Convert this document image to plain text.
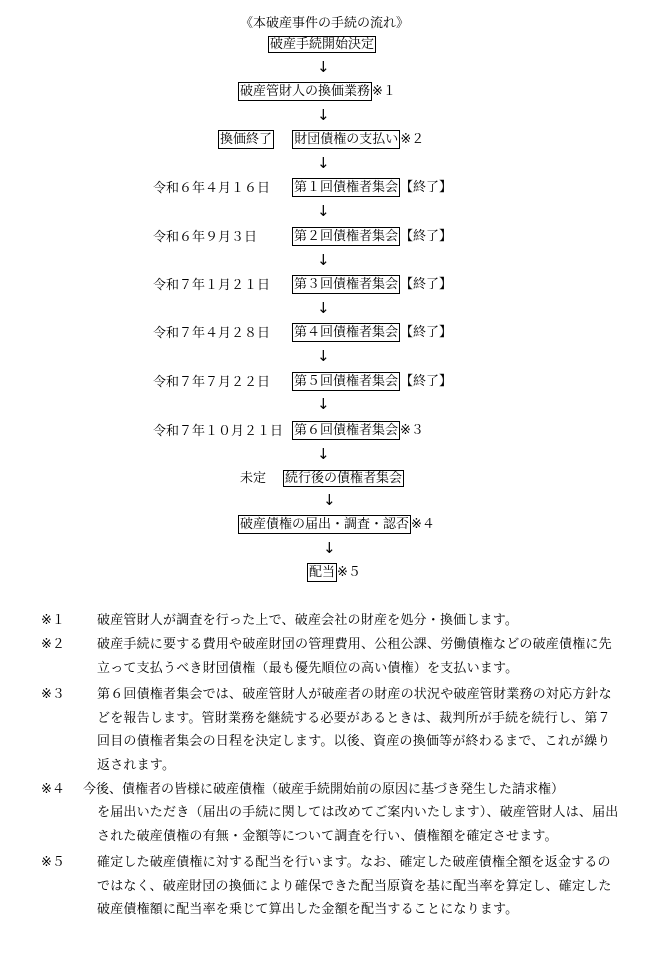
《本破産事件の手続の流れ》
破産手続開始決定
↓
破産管財人の換価業務 ※１
↓
換価終了 財団債権の支払い ※２
↓
令和６年４月１６日 第１回債権者集会 【終了】
↓
令和６年９月３日	第２回債権者集会 【終了】
↓
令和７年１月２１日 第３回債権者集会 【終了】
↓
令和７年４月２８日 第４回債権者集会 【終了】
↓
令和７年７月２２日 第５回債権者集会 【終了】
↓
令和７年１０月２１日 第６回債権者集会 ※３
↓
未定 続行後の債権者集会
↓
破産債権の届出・調査・認否 ※４
↓
配当 ※５
※１ 破産管財人が調査を行った上で、破産会社の財産を処分・換価します。
※２ 破産手続に要する費用や破産財団の管理費用、公租公課、労働債権などの破産債権に先立って支払うべき財団債権（最も優先順位の高い債権）を支払います。
※３ 第６回債権者集会では、破産管財人が破産者の財産の状況や破産管財業務の対応方針などを報告します。管財業務を継続する必要があるときは、裁判所が手続を続行し、第７回目の債権者集会の日程を決定します。以後、資産の換価等が終わるまで、これが繰り返されます。
※４ 今後、債権者の皆様に破産債権（破産手続開始前の原因に基づき発生した請求権）
を届出いただき（届出の手続に関しては改めてご案内いたします）、破産管財人は、届出された破産債権の有無・金額等について調査を行い、債権額を確定させます。
※５ 確定した破産債権に対する配当を行います。なお、確定した破産債権全額を返金するのではなく、破産財団の換価により確保できた配当原資を基に配当率を算定し、確定した破産債権額に配当率を乗じて算出した金額を配当することになります。
